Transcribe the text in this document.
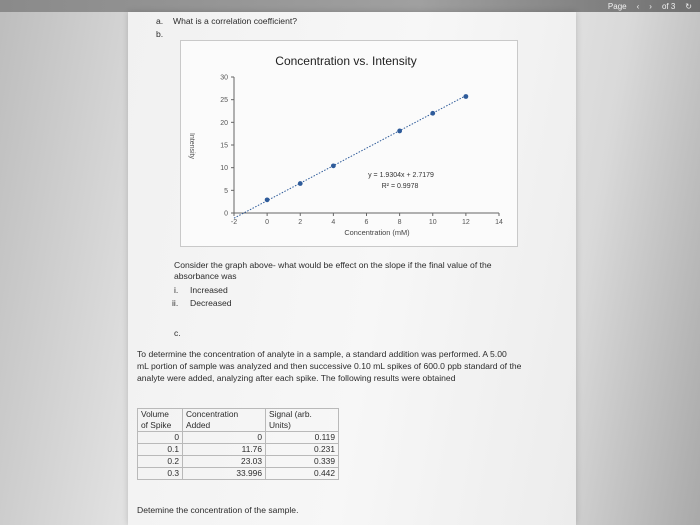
Page ‹ › of 3 ↻
a. What is a correlation coefficient?
b.
Concentration vs. Intensity
Intensity
Concentration (mM)
y = 1.9304x + 2.7179
R² = 0.9978
0
5
10
15
20
25
30
-2	0	2	4	6	8	10	12	14
Consider the graph above- what would be effect on the slope if the final value of the
absorbance was
i. Increased
ii. Decreased
c.
To determine the concentration of analyte in a sample, a standard addition was performed. A 5.00
mL portion of sample was analyzed and then successive 0.10 mL spikes of 600.0 ppb standard of the
analyte were added, analyzing after each spike. The following results were obtained
Volume	Concentration	Signal (arb.
of Spike	Added	Units)
0	0	0.119
0.1	11.76	0.231
0.2	23.03	0.339
0.3	33.996	0.442
Detemine the concentration of the sample.
